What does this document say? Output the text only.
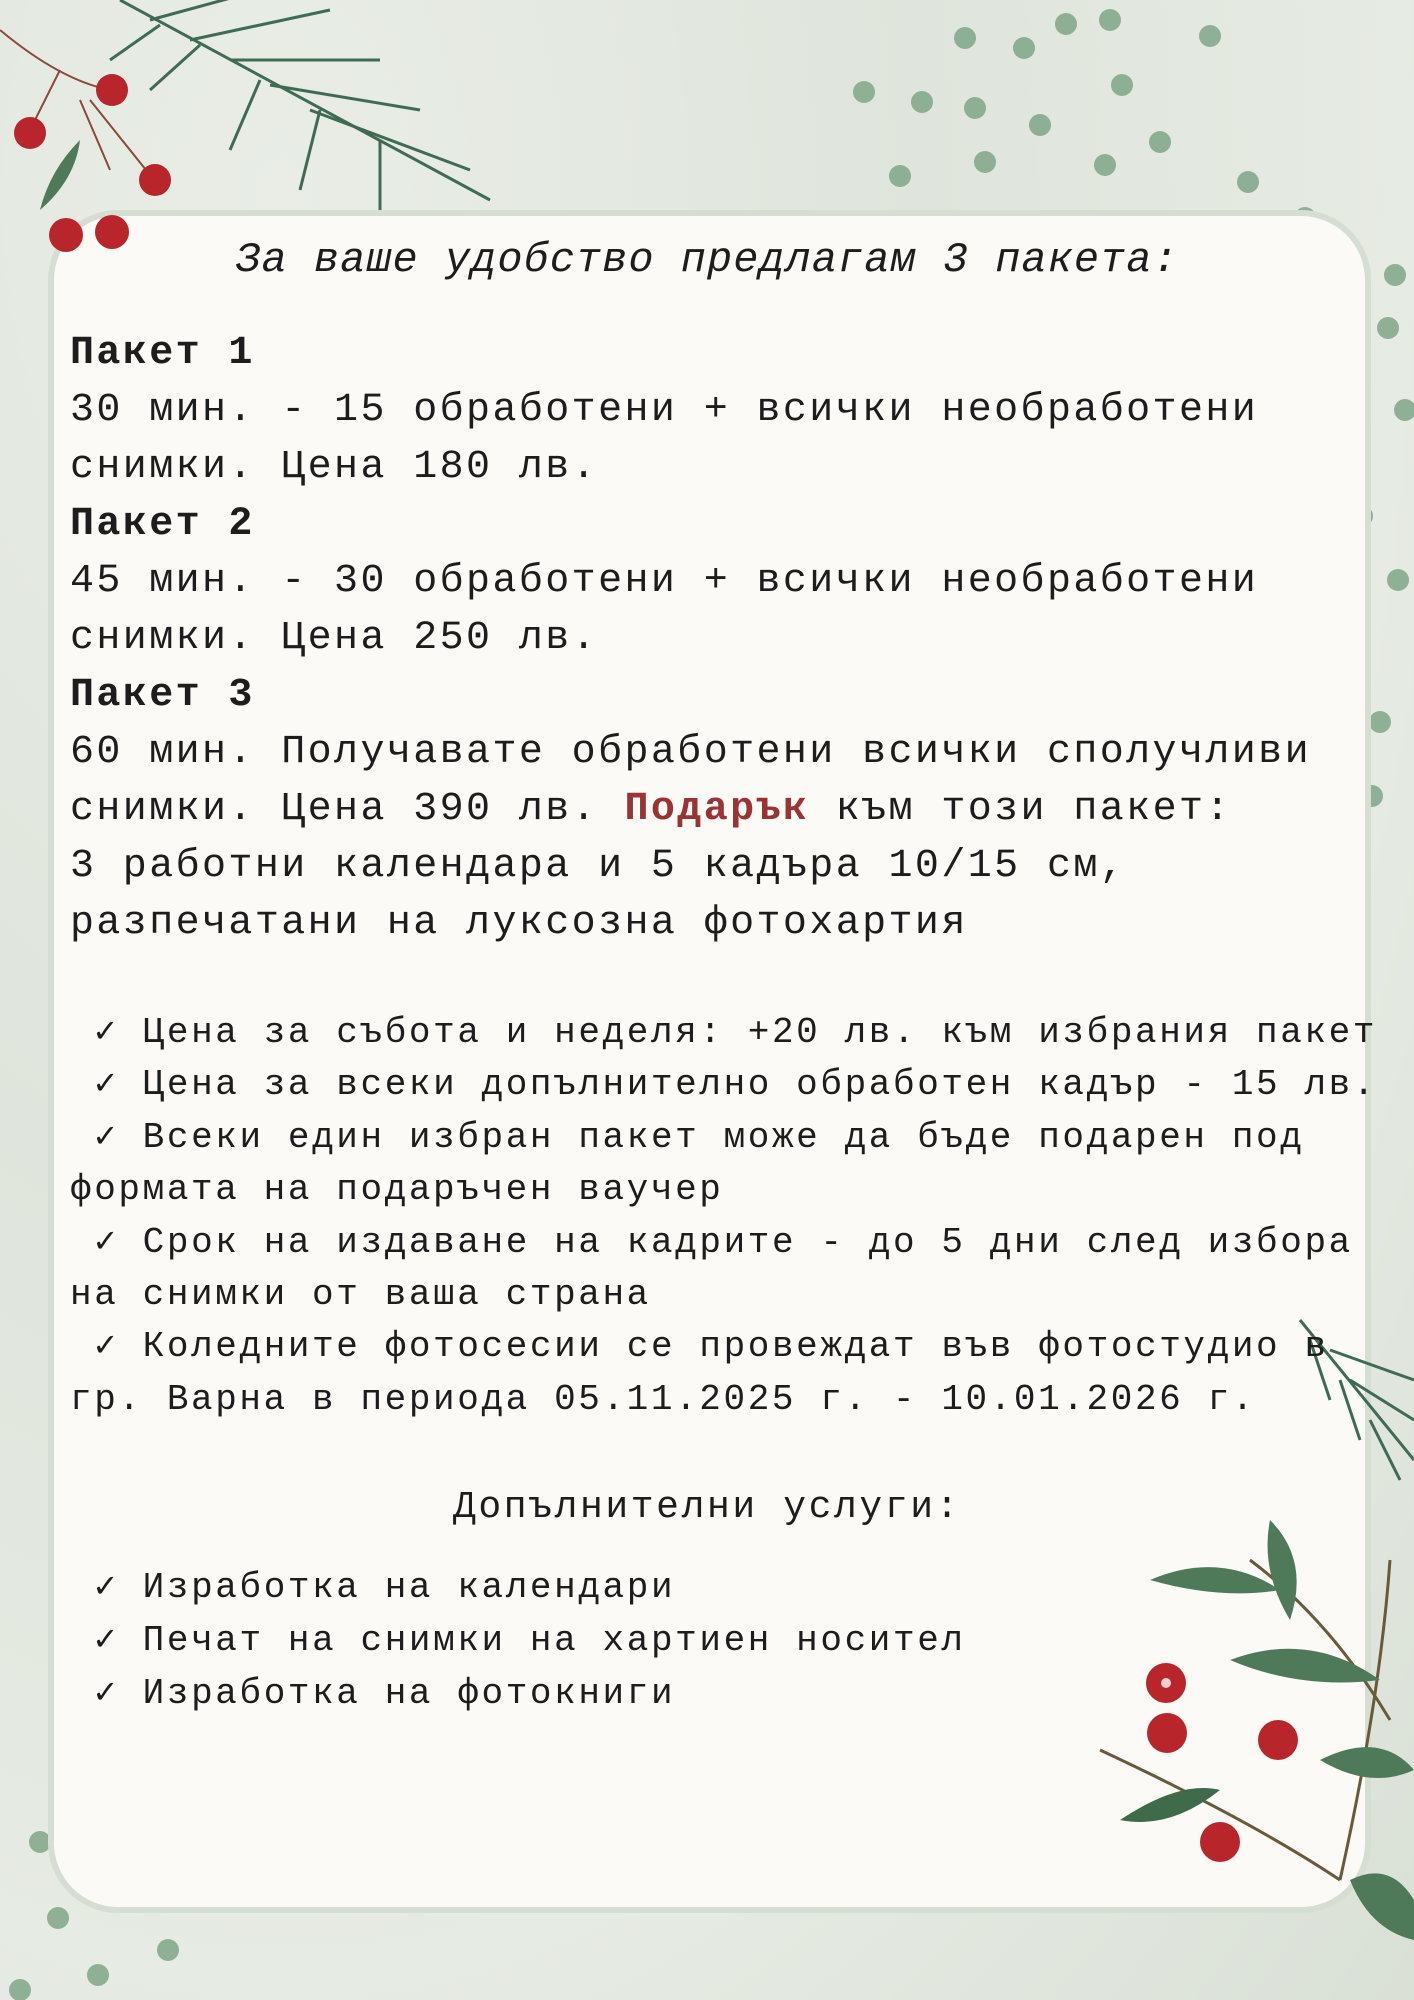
За ваше удобство предлагам 3 пакета:
Пакет 1
30 мин. - 15 обработени + всички необработени
снимки. Цена 180 лв.
Пакет 2
45 мин. - 30 обработени + всички необработени
снимки. Цена 250 лв.
Пакет 3
60 мин. Получавате обработени всички сполучливи
снимки. Цена 390 лв. Подарък към този пакет:
3 работни календара и 5 кадъра 10/15 см,
разпечатани на луксозна фотохартия
✓ Цена за събота и неделя: +20 лв. към избрания пакет
✓ Цена за всеки допълнително обработен кадър - 15 лв.
✓ Всеки един избран пакет може да бъде подарен под
формата на подаръчен ваучер
✓ Срок на издаване на кадрите - до 5 дни след избора
на снимки от ваша страна
✓ Коледните фотосесии се провеждат във фотостудио в
гр. Варна в периода 05.11.2025 г. - 10.01.2026 г.
Допълнителни услуги:
✓ Изработка на календари
✓ Печат на снимки на хартиен носител
✓ Изработка на фотокниги
